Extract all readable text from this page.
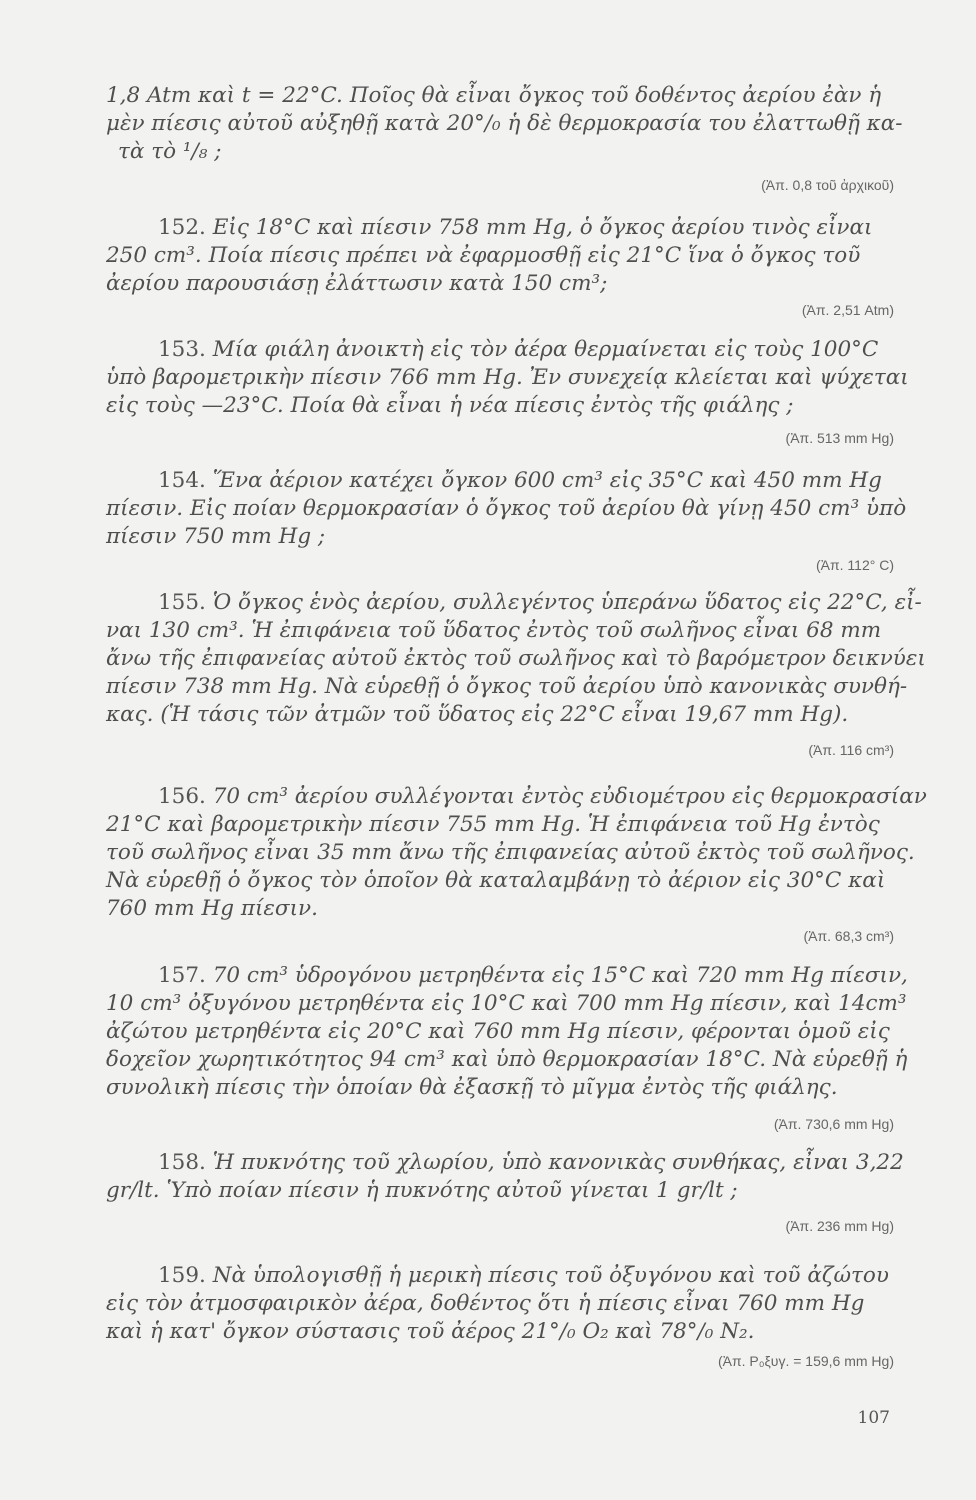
1,8 Atm καὶ t = 22°C. Ποῖος θὰ εἶναι ὄγκος τοῦ δοθέντος ἀερίου ἐὰν ἡ
μὲν πίεσις αὐτοῦ αὐξηθῇ κατὰ 20°/₀ ἡ δὲ θερμοκρασία του ἐλαττωθῇ κα-
τὰ τὸ ¹/₈ ;
(Ἀπ. 0,8 τοῦ ἀρχικοῦ)
152. Εἰς 18°C καὶ πίεσιν 758 mm Hg, ὁ ὄγκος ἀερίου τινὸς εἶναι
250 cm³. Ποία πίεσις πρέπει νὰ ἐφαρμοσθῇ εἰς 21°C ἵνα ὁ ὄγκος τοῦ
ἀερίου παρουσιάσῃ ἐλάττωσιν κατὰ 150 cm³;
(Ἀπ. 2,51 Atm)
153. Μία φιάλη ἀνοικτὴ εἰς τὸν ἀέρα θερμαίνεται εἰς τοὺς 100°C
ὑπὸ βαρομετρικὴν πίεσιν 766 mm Hg. Ἐν συνεχείᾳ κλείεται καὶ ψύχεται
εἰς τοὺς —23°C. Ποία θὰ εἶναι ἡ νέα πίεσις ἐντὸς τῆς φιάλης ;
(Ἀπ. 513 mm Hg)
154. Ἕνα ἀέριον κατέχει ὄγκον 600 cm³ εἰς 35°C καὶ 450 mm Hg
πίεσιν. Εἰς ποίαν θερμοκρασίαν ὁ ὄγκος τοῦ ἀερίου θὰ γίνῃ 450 cm³ ὑπὸ
πίεσιν 750 mm Hg ;
(Ἀπ. 112° C)
155. Ὁ ὄγκος ἑνὸς ἀερίου, συλλεγέντος ὑπεράνω ὕδατος εἰς 22°C, εἶ-
ναι 130 cm³. Ἡ ἐπιφάνεια τοῦ ὕδατος ἐντὸς τοῦ σωλῆνος εἶναι 68 mm
ἄνω τῆς ἐπιφανείας αὐτοῦ ἐκτὸς τοῦ σωλῆνος καὶ τὸ βαρόμετρον δεικνύει
πίεσιν 738 mm Hg. Νὰ εὑρεθῇ ὁ ὄγκος τοῦ ἀερίου ὑπὸ κανονικὰς συνθή-
κας. (Ἡ τάσις τῶν ἀτμῶν τοῦ ὕδατος εἰς 22°C εἶναι 19,67 mm Hg).
(Ἀπ. 116 cm³)
156. 70 cm³ ἀερίου συλλέγονται ἐντὸς εὐδιομέτρου εἰς θερμοκρασίαν
21°C καὶ βαρομετρικὴν πίεσιν 755 mm Hg. Ἡ ἐπιφάνεια τοῦ Hg ἐντὸς
τοῦ σωλῆνος εἶναι 35 mm ἄνω τῆς ἐπιφανείας αὐτοῦ ἐκτὸς τοῦ σωλῆνος.
Νὰ εὑρεθῇ ὁ ὄγκος τὸν ὁποῖον θὰ καταλαμβάνῃ τὸ ἀέριον εἰς 30°C καὶ
760 mm Hg πίεσιν.
(Ἀπ. 68,3 cm³)
157. 70 cm³ ὑδρογόνου μετρηθέντα εἰς 15°C καὶ 720 mm Hg πίεσιν,
10 cm³ ὀξυγόνου μετρηθέντα εἰς 10°C καὶ 700 mm Hg πίεσιν, καὶ 14cm³
ἀζώτου μετρηθέντα εἰς 20°C καὶ 760 mm Hg πίεσιν, φέρονται ὁμοῦ εἰς
δοχεῖον χωρητικότητος 94 cm³ καὶ ὑπὸ θερμοκρασίαν 18°C. Νὰ εὑρεθῇ ἡ
συνολικὴ πίεσις τὴν ὁποίαν θὰ ἐξασκῇ τὸ μῖγμα ἐντὸς τῆς φιάλης.
(Ἀπ. 730,6 mm Hg)
158. Ἡ πυκνότης τοῦ χλωρίου, ὑπὸ κανονικὰς συνθήκας, εἶναι 3,22
gr/lt. Ὑπὸ ποίαν πίεσιν ἡ πυκνότης αὐτοῦ γίνεται 1 gr/lt ;
(Ἀπ. 236 mm Hg)
159. Νὰ ὑπολογισθῇ ἡ μερικὴ πίεσις τοῦ ὀξυγόνου καὶ τοῦ ἀζώτου
εἰς τὸν ἀτμοσφαιρικὸν ἀέρα, δοθέντος ὅτι ἡ πίεσις εἶναι 760 mm Hg
καὶ ἡ κατ' ὄγκον σύστασις τοῦ ἀέρος 21°/₀ O₂ καὶ 78°/₀ N₂.
(Ἀπ. Ρ₀ξυγ. = 159,6 mm Hg)
107
